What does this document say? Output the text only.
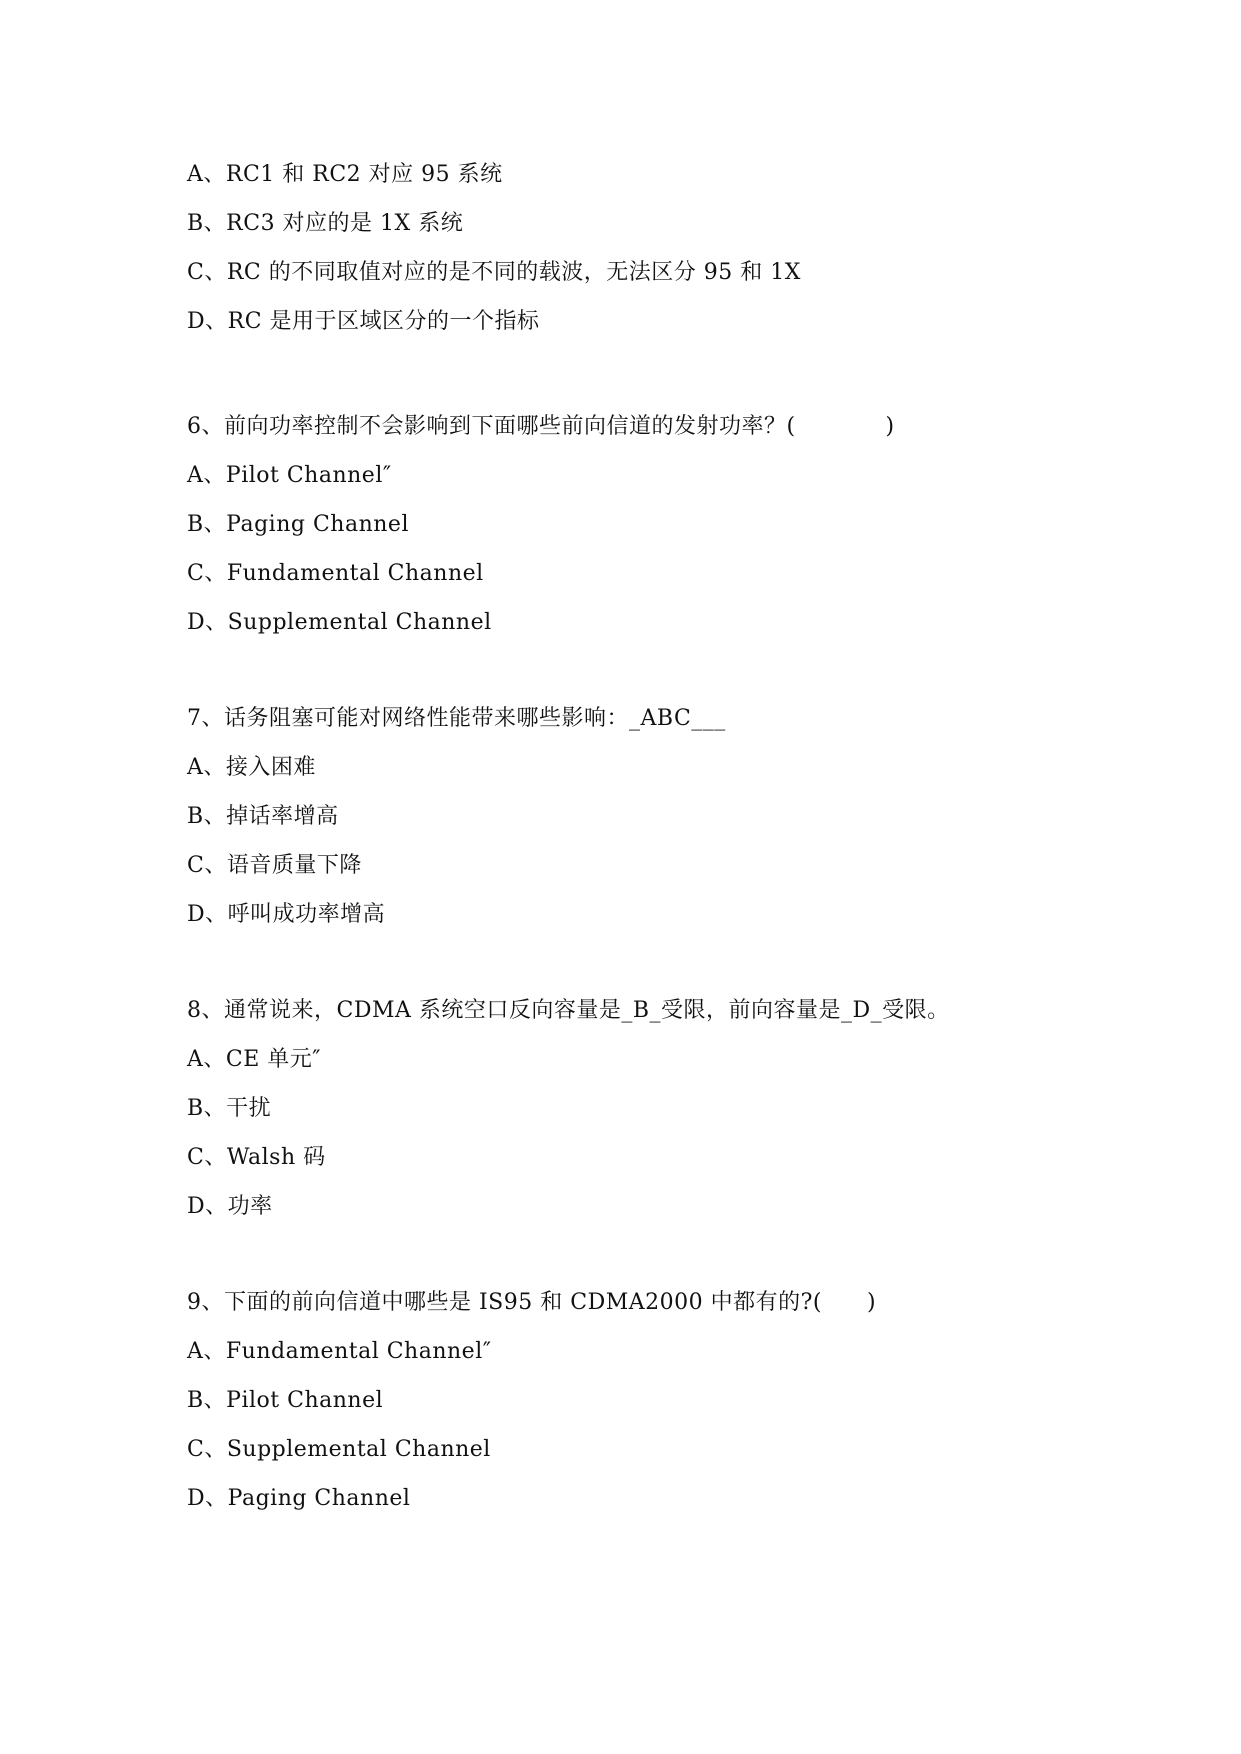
A、RC1 和 RC2 对应 95 系统
B、RC3 对应的是 1X 系统
C、RC 的不同取值对应的是不同的载波，无法区分 95 和 1X
D、RC 是用于区域区分的一个指标
6、前向功率控制不会影响到下面哪些前向信道的发射功率？(            )
A、Pilot Channel″
B、Paging Channel
C、Fundamental Channel
D、Supplemental Channel
7、话务阻塞可能对网络性能带来哪些影响：_ABC___
A、接入困难
B、掉话率增高
C、语音质量下降
D、呼叫成功率增高
8、通常说来，CDMA 系统空口反向容量是_B_受限，前向容量是_D_受限。
A、CE 单元″
B、干扰
C、Walsh 码
D、功率
9、下面的前向信道中哪些是 IS95 和 CDMA2000 中都有的?(      )
A、Fundamental Channel″
B、Pilot Channel
C、Supplemental Channel
D、Paging Channel
